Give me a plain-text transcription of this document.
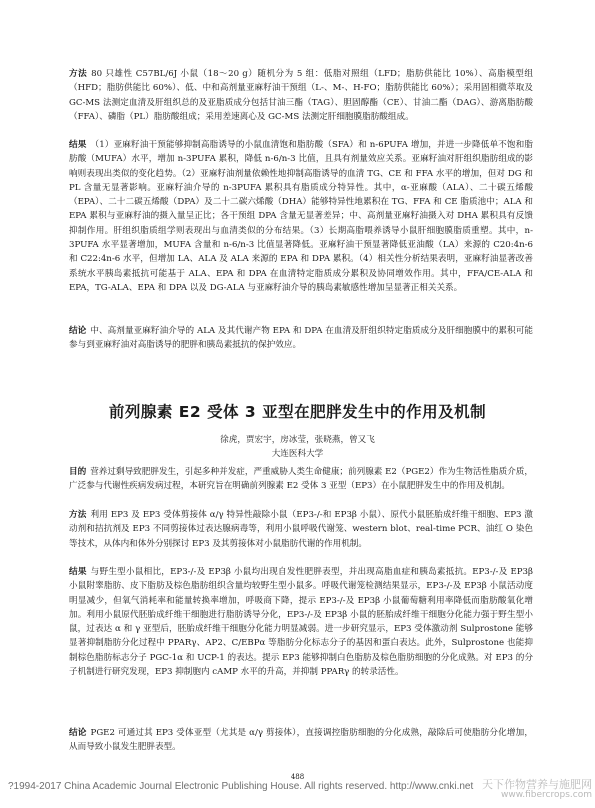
方法 80 只雄性 C57BL/6J 小鼠（18～20 g）随机分为 5 组：低脂对照组（LFD；脂肪供能比 10%）、高脂模型组（HFD；脂肪供能比 60%）、低、中和高剂量亚麻籽油干预组（L-、M-、H-FO；脂肪供能比 60%）；采用固相微萃取及 GC-MS 法测定血清及肝组织总的及亚脂质成分包括甘油三酯（TAG）、胆固醇酯（CE）、甘油二酯（DAG）、游离脂肪酸（FFA）、磷脂（PL）脂肪酸组成；采用差速离心及 GC-MS 法测定肝细胞膜脂肪酸组成。

结果 （1）亚麻籽油干预能够抑制高脂诱导的小鼠血清饱和脂肪酸（SFA）和 n-6PUFA 增加，并进一步降低单不饱和脂肪酸（MUFA）水平，增加 n-3PUFA 累积，降低 n-6/n-3 比值，且具有剂量效应关系。亚麻籽油对肝组织脂肪组成的影响则表现出类似的变化趋势。（2）亚麻籽油剂量依赖性地抑制高脂诱导的血清 TG、CE 和 FFA 水平的增加，但对 DG 和 PL 含量无显著影响。亚麻籽油介导的 n-3PUFA 累积具有脂质成分特异性。其中，α-亚麻酸（ALA）、二十碳五烯酸（EPA）、二十二碳五烯酸（DPA）及二十二碳六烯酸（DHA）能够特异性地累积在 TG、FFA 和 CE 脂质池中；ALA 和 EPA 累积与亚麻籽油的摄入量呈正比；各干预组 DPA 含量无显著差异；中、高剂量亚麻籽油摄入对 DHA 累积具有反馈抑制作用。肝组织脂质组学则表现出与血清类似的分布结果。（3）长期高脂喂养诱导小鼠肝细胞膜脂质重塑。其中，n-3PUFA 水平显著增加，MUFA 含量和 n-6/n-3 比值显著降低。亚麻籽油干预显著降低亚油酸（LA）来源的 C20:4n-6 和 C22:4n-6 水平，但增加 LA、ALA 及 ALA 来源的 EPA 和 DPA 累积。（4）相关性分析结果表明，亚麻籽油显著改善系统水平胰岛素抵抗可能基于 ALA、EPA 和 DPA 在血清特定脂质成分累积及协同增效作用。其中，FFA/CE-ALA 和 EPA，TG-ALA、EPA 和 DPA 以及 DG-ALA 与亚麻籽油介导的胰岛素敏感性增加呈显著正相关关系。

结论 中、高剂量亚麻籽油介导的 ALA 及其代谢产物 EPA 和 DPA 在血清及肝组织特定脂质成分及肝细胞膜中的累积可能参与到亚麻籽油对高脂诱导的肥胖和胰岛素抵抗的保护效应。

前列腺素 E2 受体 3 亚型在肥胖发生中的作用及机制

徐虎，贾宏宇，房冰莹，张晓燕，曾又飞

大连医科大学

目的 营养过剩导致肥胖发生，引起多种并发症，严重威胁人类生命健康；前列腺素 E2（PGE2）作为生物活性脂质介质，广泛参与代谢性疾病发病过程，本研究旨在明确前列腺素 E2 受体 3 亚型（EP3）在小鼠肥胖发生中的作用及机制。

方法 利用 EP3 及 EP3 受体剪接体 α/γ 特异性敲除小鼠（EP3-/-和 EP3β 小鼠）、原代小鼠胚胎成纤维干细胞、EP3 激动剂和拮抗剂及 EP3 不同剪接体过表达腺病毒等，利用小鼠呼吸代谢笼、western blot、real-time PCR、油红 O 染色等技术，从体内和体外分别探讨 EP3 及其剪接体对小鼠脂肪代谢的作用机制。

结果 与野生型小鼠相比，EP3-/-及 EP3β 小鼠均出现自发性肥胖表型，并出现高脂血症和胰岛素抵抗。EP3-/-及 EP3β 小鼠附睾脂肪、皮下脂肪及棕色脂肪组织含量均较野生型小鼠多。呼吸代谢笼检测结果显示，EP3-/-及 EP3β 小鼠活动度明显减少，但氧气消耗率和能量转换率增加，呼吸商下降，提示 EP3-/-及 EP3β 小鼠葡萄糖利用率降低而脂肪酸氧化增加。利用小鼠原代胚胎成纤维干细胞进行脂肪诱导分化，EP3-/-及 EP3β 小鼠的胚胎成纤维干细胞分化能力强于野生型小鼠，过表达 α 和 γ 亚型后，胚胎成纤维干细胞分化能力明显减弱。进一步研究显示，EP3 受体激动剂 Sulprostone 能够显著抑制脂肪分化过程中 PPARγ、AP2、C/EBPα 等脂肪分化标志分子的基因和蛋白表达。此外，Sulprostone 也能抑制棕色脂肪标志分子 PGC-1α 和 UCP-1 的表达。提示 EP3 能够抑制白色脂肪及棕色脂肪细胞的分化成熟。对 EP3 的分子机制进行研究发现，EP3 抑制胞内 cAMP 水平的升高，并抑制 PPARγ 的转录活性。

结论 PGE2 可通过其 EP3 受体亚型（尤其是 α/γ 剪接体），直接调控脂肪细胞的分化成熟，敲除后可使脂肪分化增加，从而导致小鼠发生肥胖表型。

488

?1994-2017 China Academic Journal Electronic Publishing House. All rights reserved. http://www.cnki.net 天下作物营养与施肥网
www.fibercrops.com
